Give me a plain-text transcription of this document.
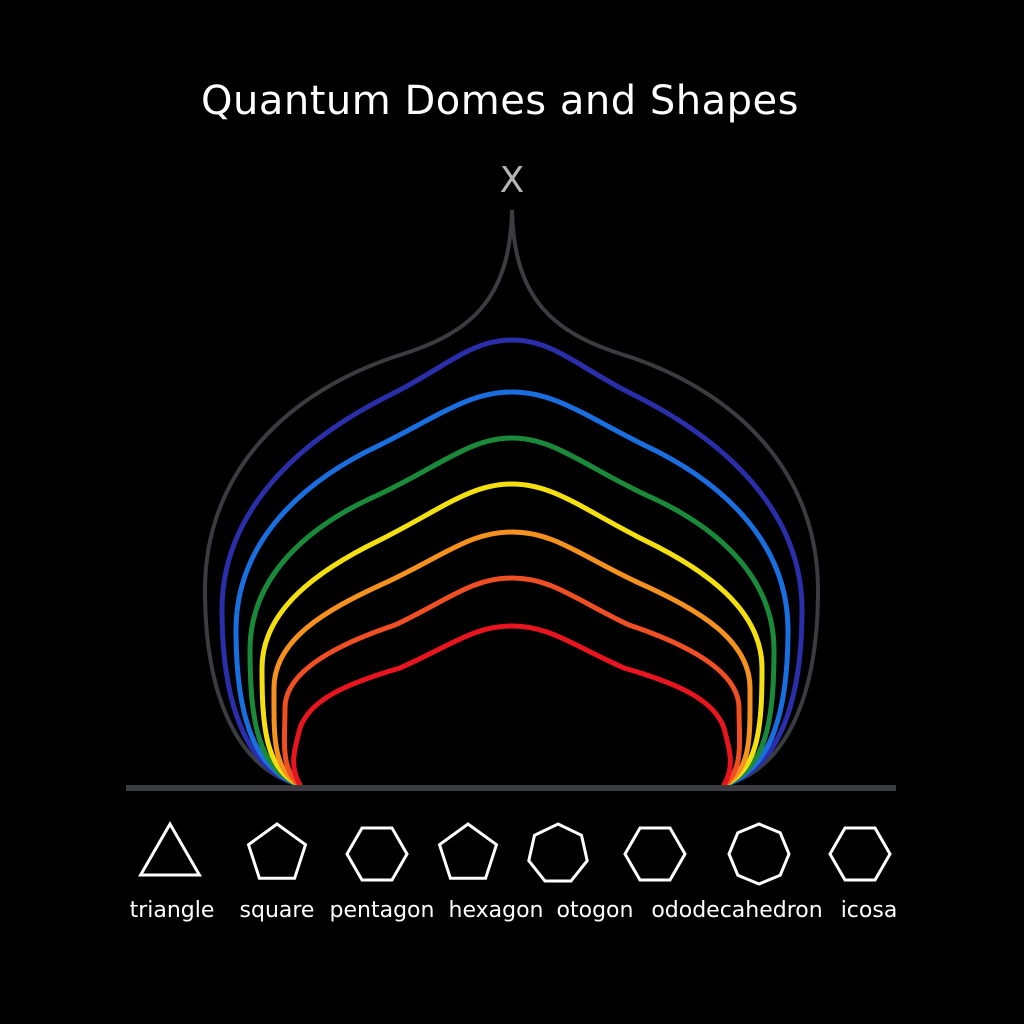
Quantum Domes and Shapes
X
triangle square pentagon hexagon otogon ododecahedron icosa
